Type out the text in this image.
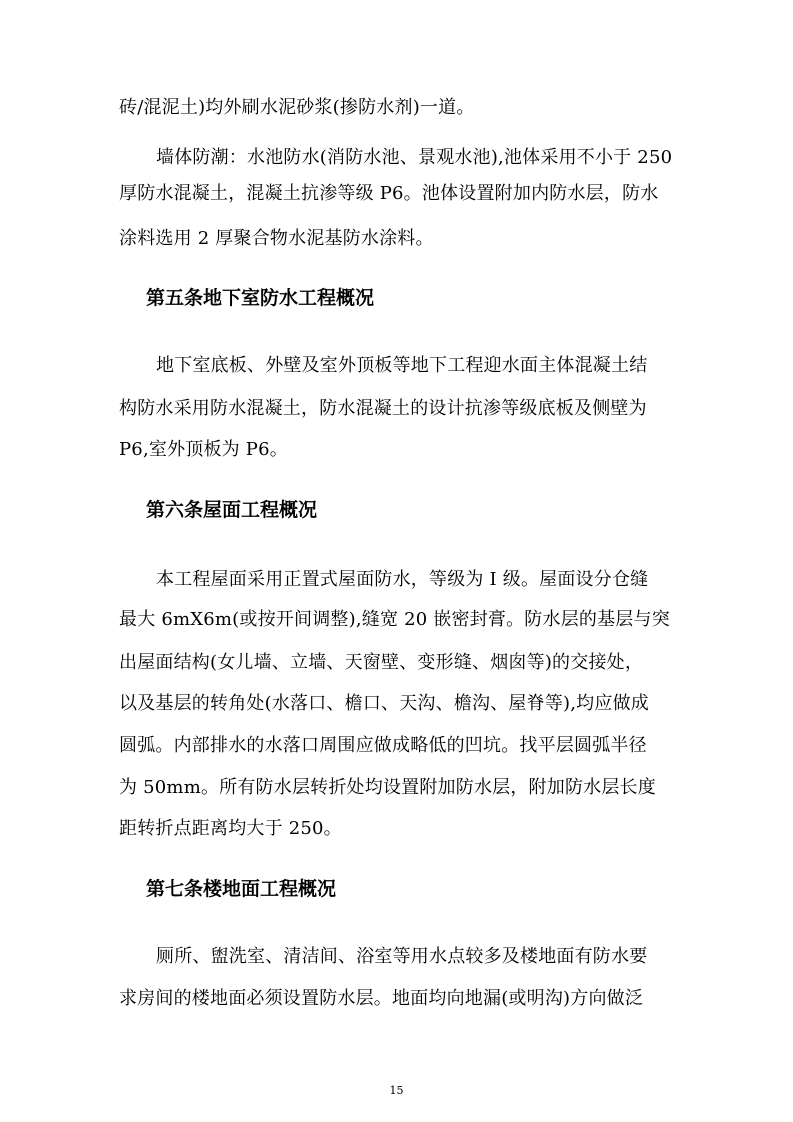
砖/混泥土)均外刷水泥砂浆(掺防水剂)一道。
墙体防潮：水池防水(消防水池、景观水池),池体采用不小于 250
厚防水混凝土，混凝土抗渗等级 P6。池体设置附加内防水层，防水
涂料选用 2 厚聚合物水泥基防水涂料。
第五条地下室防水工程概况
地下室底板、外壁及室外顶板等地下工程迎水面主体混凝土结
构防水采用防水混凝土，防水混凝土的设计抗渗等级底板及侧壁为
P6,室外顶板为 P6。
第六条屋面工程概况
本工程屋面采用正置式屋面防水，等级为 I 级。屋面设分仓缝
最大 6mX6m(或按开间调整),缝宽 20 嵌密封膏。防水层的基层与突
出屋面结构(女儿墙、立墙、天窗壁、变形缝、烟囱等)的交接处，
以及基层的转角处(水落口、檐口、天沟、檐沟、屋脊等),均应做成
圆弧。内部排水的水落口周围应做成略低的凹坑。找平层圆弧半径
为 50mm。所有防水层转折处均设置附加防水层，附加防水层长度
距转折点距离均大于 250。
第七条楼地面工程概况
厕所、盥洗室、清洁间、浴室等用水点较多及楼地面有防水要
求房间的楼地面必须设置防水层。地面均向地漏(或明沟)方向做泛
15
